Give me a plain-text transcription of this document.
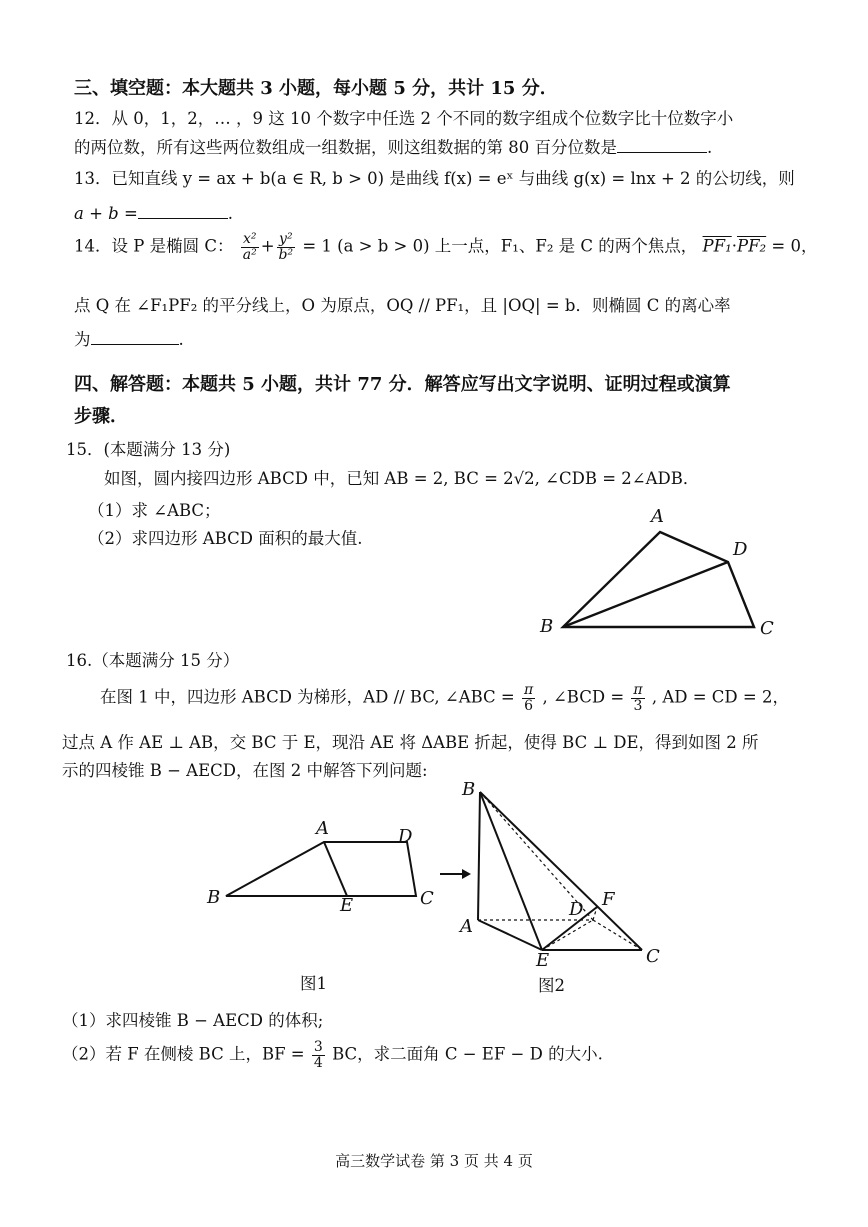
三、填空题：本大题共 3 小题，每小题 5 分，共计 15 分．
12．从 0，1，2，… ，9 这 10 个数字中任选 2 个不同的数字组成个位数字比十位数字小
的两位数，所有这些两位数组成一组数据，则这组数据的第 80 百分位数是	.
13．已知直线 y = ax + b(a ∈ R, b > 0) 是曲线 f(x) = eˣ 与曲线 g(x) = lnx + 2 的公切线，则
a + b =	.
14．设 P 是椭圆 C： $\frac{\text{x²}}{\text{a²}} + \frac{\text{y²}}{\text{b²}} = 1$ (a > b > 0) 上一点，F₁、F₂ 是 C 的两个焦点， PF₁·PF₂ = 0，
点 Q 在 ∠F₁PF₂ 的平分线上，O 为原点，OQ // PF₁，且 |OQ| = b．则椭圆 C 的离心率
为	.
四、解答题：本题共 5 小题，共计 77 分．解答应写出文字说明、证明过程或演算
步骤．
15．(本题满分 13 分)
如图，圆内接四边形 ABCD 中，已知 AB = 2, BC = 2√2, ∠CDB = 2∠ADB．
（1）求 ∠ABC；
（2）求四边形 ABCD 面积的最大值.
A
D
B	C
16.（本题满分 15 分）
在图 1 中，四边形 ABCD 为梯形，AD // BC, ∠ABC = $\frac{\pi}{6}$ , ∠BCD = $\frac{\pi}{3}$ , AD = CD = 2，
过点 A 作 AE ⊥ AB，交 BC 于 E，现沿 AE 将 ΔABE 折起，使得 BC ⊥ DE，得到如图 2 所
示的四棱锥 B − AECD，在图 2 中解答下列问题:
A	D
B	E	C
图1
B
A
E
D F
C
图2
（1）求四棱锥 B − AECD 的体积;
（2）若 F 在侧棱 BC 上，BF = $\frac{3}{4}$ BC，求二面角 C − EF − D 的大小.
高三数学试卷 第 3 页 共 4 页
